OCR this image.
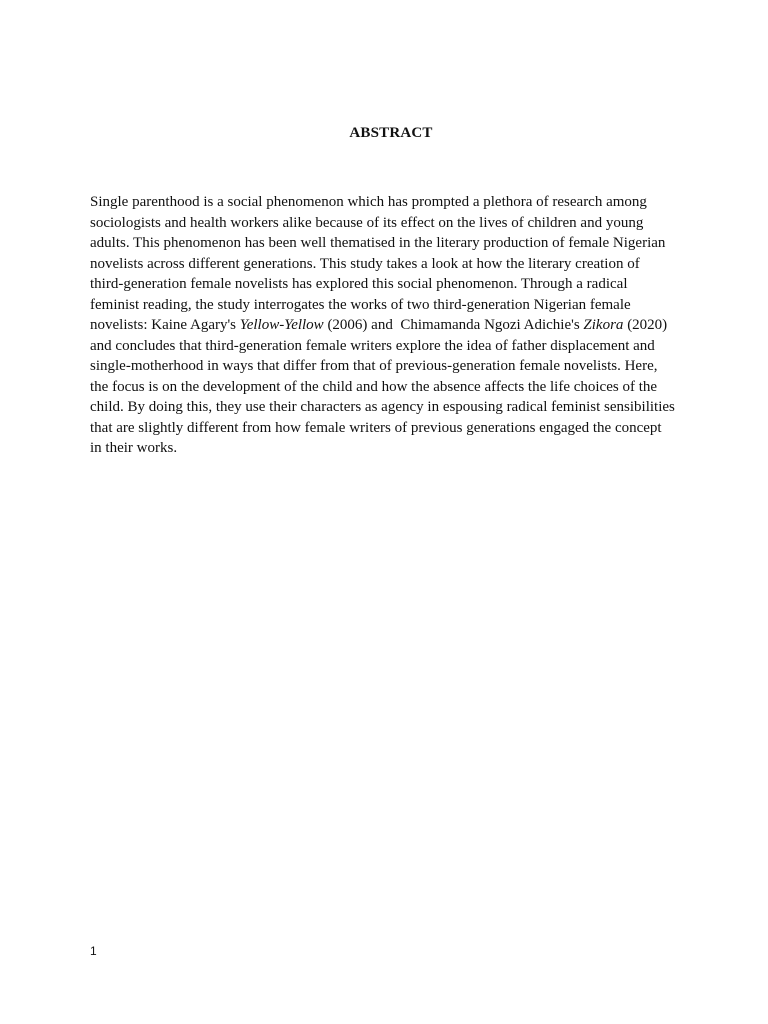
ABSTRACT
Single parenthood is a social phenomenon which has prompted a plethora of research among
sociologists and health workers alike because of its effect on the lives of children and young
adults. This phenomenon has been well thematised in the literary production of female Nigerian
novelists across different generations. This study takes a look at how the literary creation of
third-generation female novelists has explored this social phenomenon. Through a radical
feminist reading, the study interrogates the works of two third-generation Nigerian female
novelists: Kaine Agary's Yellow-Yellow (2006) and  Chimamanda Ngozi Adichie's Zikora (2020)
and concludes that third-generation female writers explore the idea of father displacement and
single-motherhood in ways that differ from that of previous-generation female novelists. Here,
the focus is on the development of the child and how the absence affects the life choices of the
child. By doing this, they use their characters as agency in espousing radical feminist sensibilities
that are slightly different from how female writers of previous generations engaged the concept
in their works.
1
